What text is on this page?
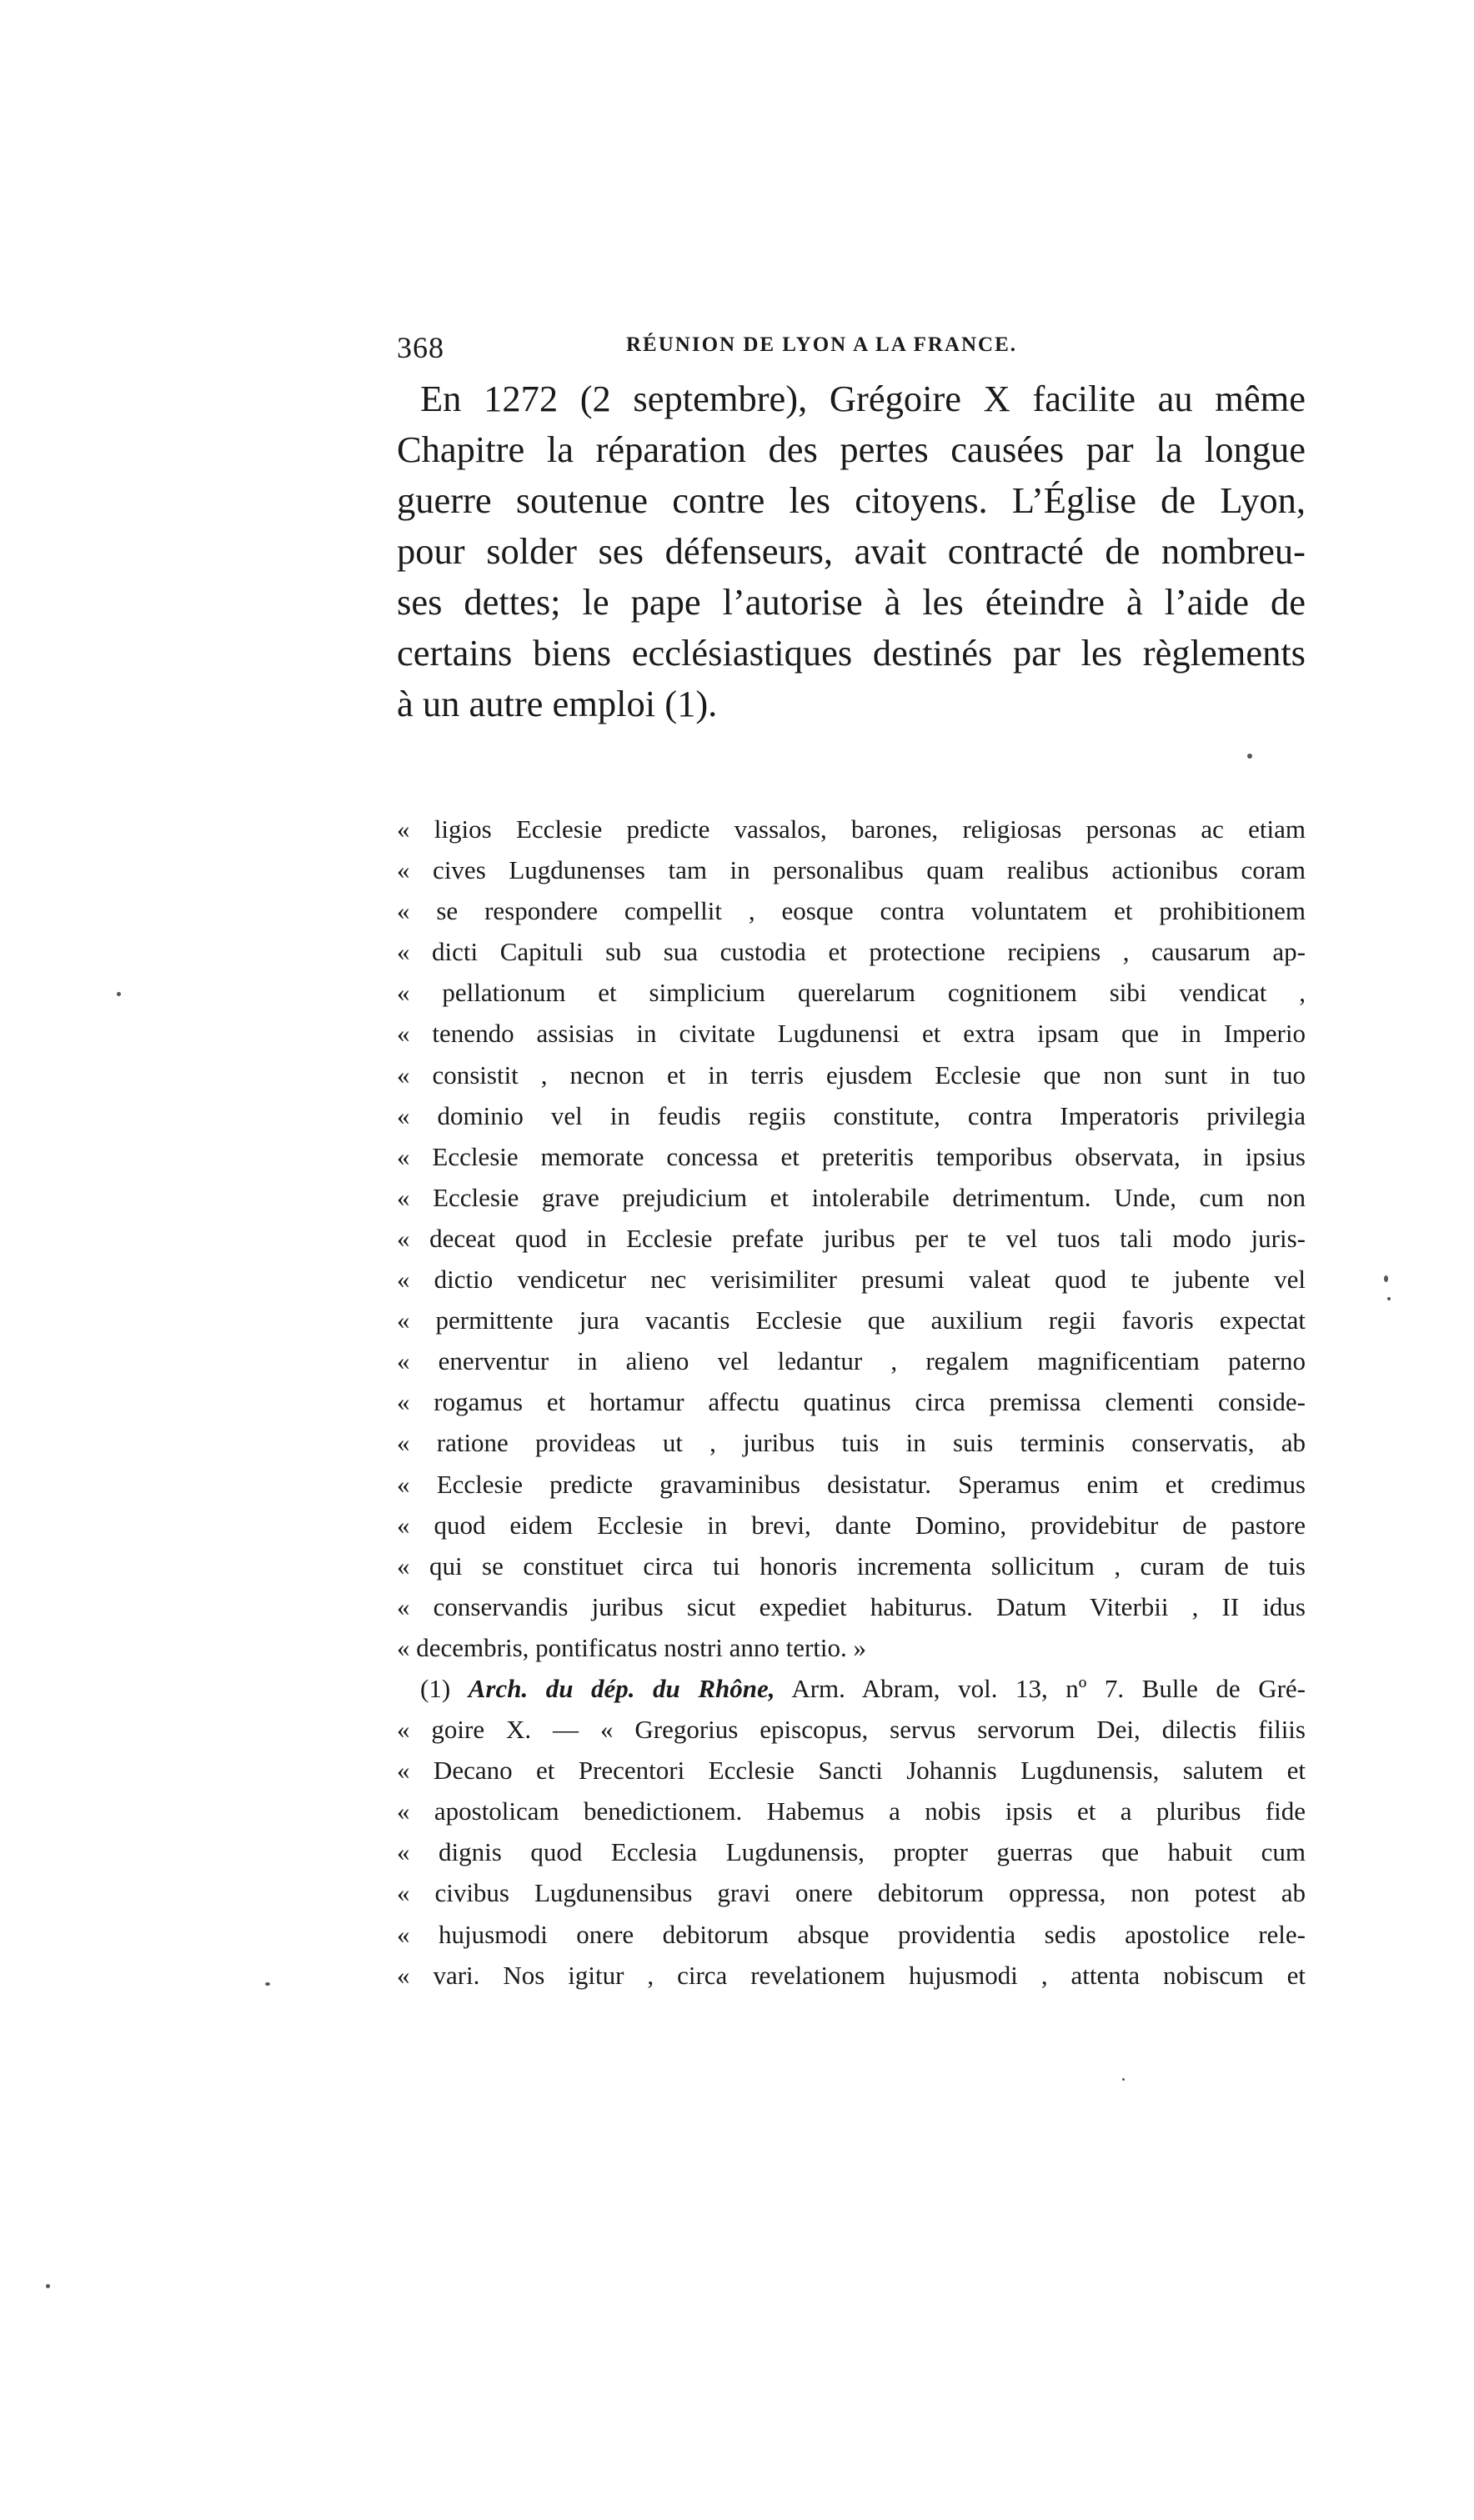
368	RÉUNION DE LYON A LA FRANCE.
En 1272 (2 septembre), Grégoire X facilite au même
Chapitre la réparation des pertes causées par la longue
guerre soutenue contre les citoyens. L’Église de Lyon,
pour solder ses défenseurs, avait contracté de nombreu-
ses dettes; le pape l’autorise à les éteindre à l’aide de
certains biens ecclésiastiques destinés par les règlements
à un autre emploi (1).
« ligios Ecclesie predicte vassalos, barones, religiosas personas ac etiam
« cives Lugdunenses tam in personalibus quam realibus actionibus coram
« se respondere compellit , eosque contra voluntatem et prohibitionem
« dicti Capituli sub sua custodia et protectione recipiens , causarum ap-
« pellationum et simplicium querelarum cognitionem sibi vendicat ,
« tenendo assisias in civitate Lugdunensi et extra ipsam que in Imperio
« consistit , necnon et in terris ejusdem Ecclesie que non sunt in tuo
« dominio vel in feudis regiis constitute, contra Imperatoris privilegia
« Ecclesie memorate concessa et preteritis temporibus observata, in ipsius
« Ecclesie grave prejudicium et intolerabile detrimentum. Unde, cum non
« deceat quod in Ecclesie prefate juribus per te vel tuos tali modo juris-
« dictio vendicetur nec verisimiliter presumi valeat quod te jubente vel
« permittente jura vacantis Ecclesie que auxilium regii favoris expectat
« enerventur in alieno vel ledantur , regalem magnificentiam paterno
« rogamus et hortamur affectu quatinus circa premissa clementi conside-
« ratione provideas ut , juribus tuis in suis terminis conservatis, ab
« Ecclesie predicte gravaminibus desistatur. Speramus enim et credimus
« quod eidem Ecclesie in brevi, dante Domino, providebitur de pastore
« qui se constituet circa tui honoris incrementa sollicitum , curam de tuis
« conservandis juribus sicut expediet habiturus. Datum Viterbii , II idus
« decembris, pontificatus nostri anno tertio. »
(1) Arch. du dép. du Rhône, Arm. Abram, vol. 13, nº 7. Bulle de Gré-
« goire X. — « Gregorius episcopus, servus servorum Dei, dilectis filiis
« Decano et Precentori Ecclesie Sancti Johannis Lugdunensis, salutem et
« apostolicam benedictionem. Habemus a nobis ipsis et a pluribus fide
« dignis quod Ecclesia Lugdunensis, propter guerras que habuit cum
« civibus Lugdunensibus gravi onere debitorum oppressa, non potest ab
« hujusmodi onere debitorum absque providentia sedis apostolice rele-
« vari. Nos igitur , circa revelationem hujusmodi , attenta nobiscum et
